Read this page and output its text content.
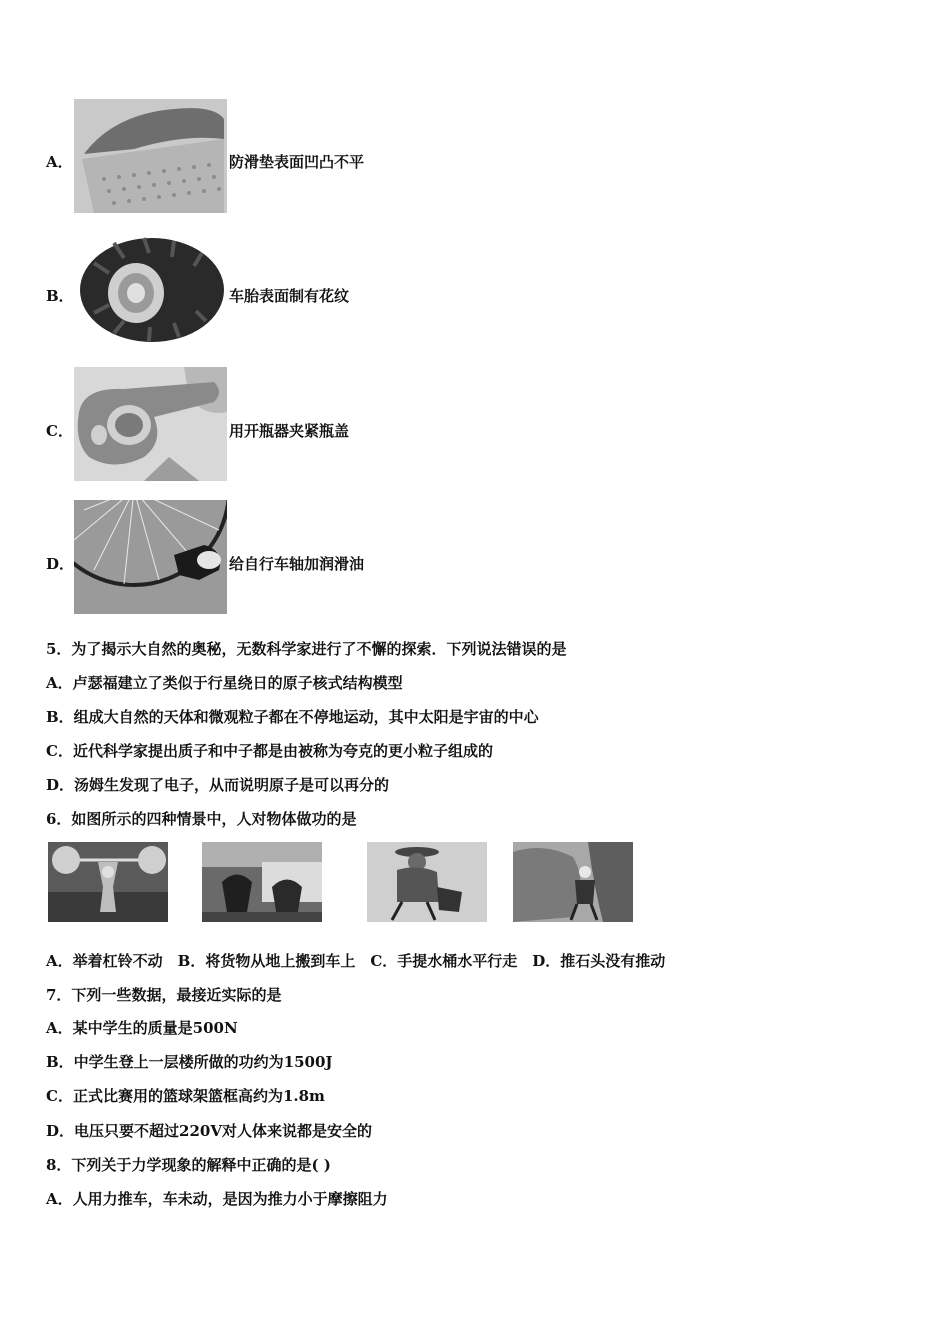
A．	防滑垫表面凹凸不平
B．	车胎表面制有花纹
C．	用开瓶器夹紧瓶盖
D．	给自行车轴加润滑油
5．为了揭示大自然的奥秘，无数科学家进行了不懈的探索．下列说法错误的是
A．卢瑟福建立了类似于行星绕日的原子核式结构模型
B．组成大自然的天体和微观粒子都在不停地运动，其中太阳是宇宙的中心
C．近代科学家提出质子和中子都是由被称为夸克的更小粒子组成的
D．汤姆生发现了电子，从而说明原子是可以再分的
6．如图所示的四种情景中，人对物体做功的是
A．举着杠铃不动　B．将货物从地上搬到车上　C．手提水桶水平行走　D．推石头没有推动
7．下列一些数据，最接近实际的是
A．某中学生的质量是500N
B．中学生登上一层楼所做的功约为1500J
C．正式比赛用的篮球架篮框高约为1.8m
D．电压只要不超过220V对人体来说都是安全的
8．下列关于力学现象的解释中正确的是( )
A．人用力推车，车未动，是因为推力小于摩擦阻力
